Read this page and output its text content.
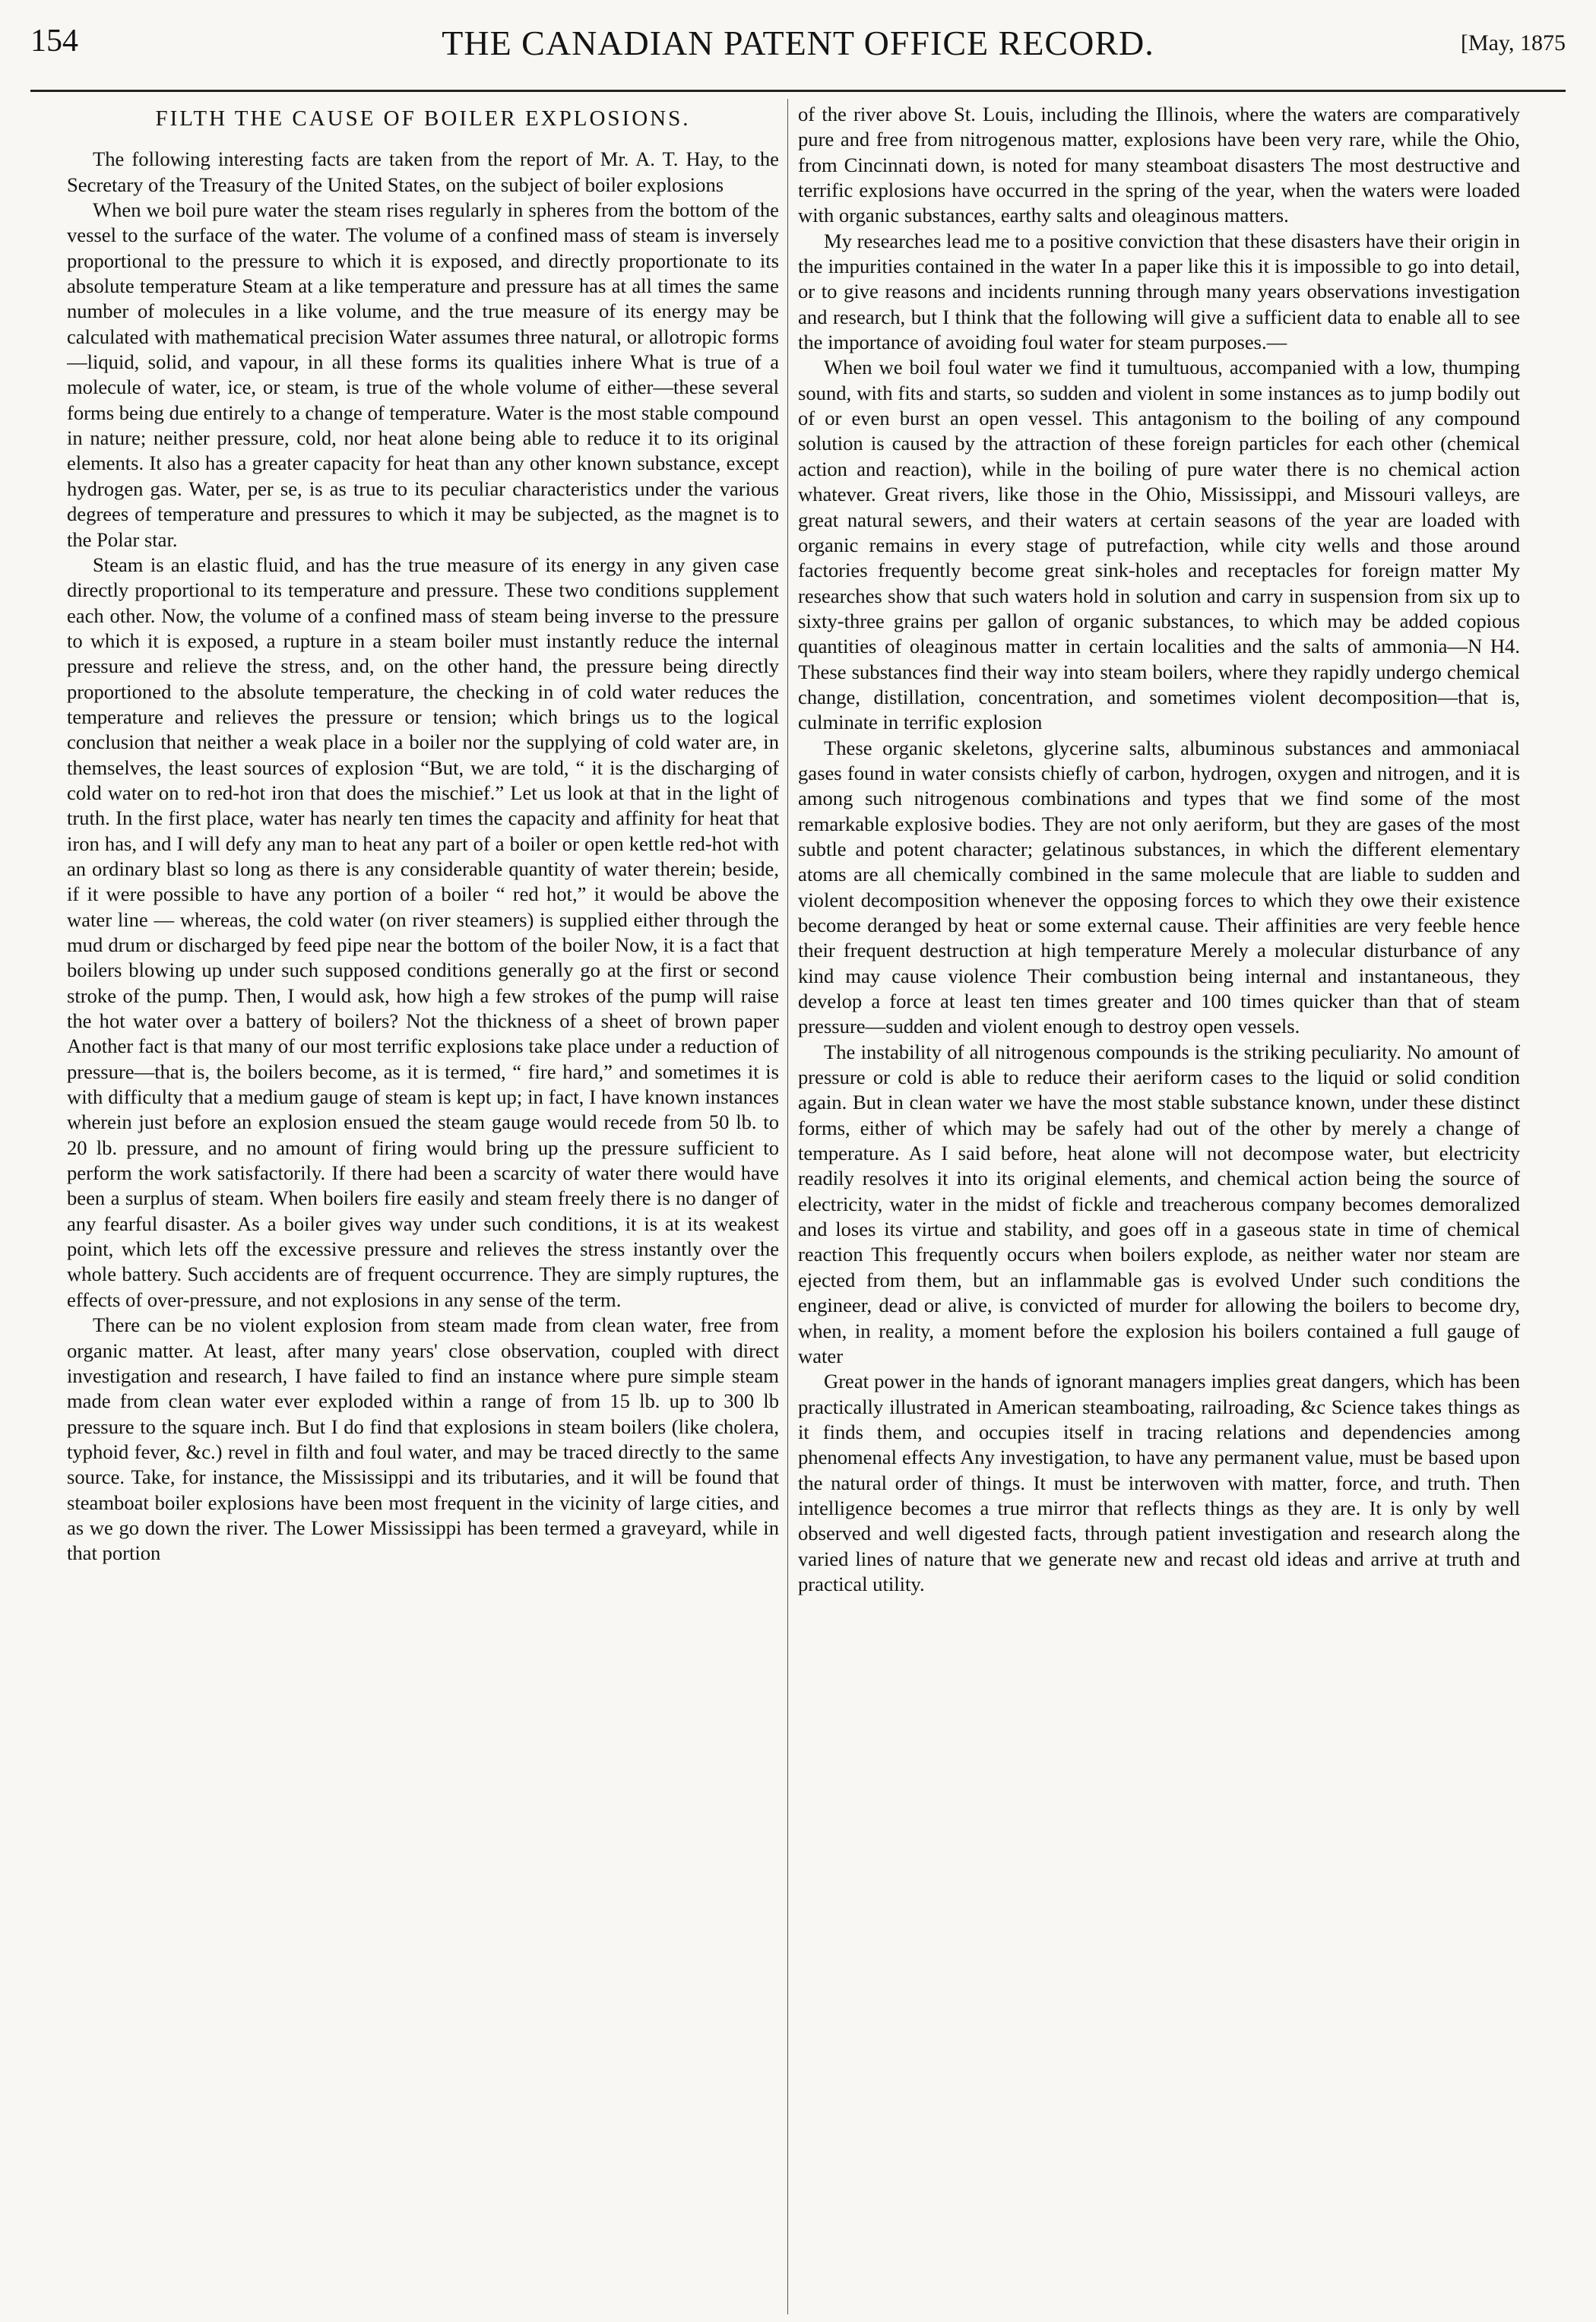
154	THE CANADIAN PATENT OFFICE RECORD.	[May, 1875
FILTH THE CAUSE OF BOILER EXPLOSIONS.

The following interesting facts are taken from the report of Mr. A. T. Hay, to the Secretary of the Treasury of the United States, on the subject of boiler explosions

When we boil pure water the steam rises regularly in spheres from the bottom of the vessel to the surface of the water. The volume of a confined mass of steam is inversely proportional to the pressure to which it is exposed, and directly proportionate to its absolute temperature Steam at a like temperature and pressure has at all times the same number of molecules in a like volume, and the true measure of its energy may be calculated with mathematical precision Water assumes three natural, or allotropic forms—liquid, solid, and vapour, in all these forms its qualities inhere What is true of a molecule of water, ice, or steam, is true of the whole volume of either—these several forms being due entirely to a change of temperature. Water is the most stable compound in nature; neither pressure, cold, nor heat alone being able to reduce it to its original elements. It also has a greater capacity for heat than any other known substance, except hydrogen gas. Water, per se, is as true to its peculiar characteristics under the various degrees of temperature and pressures to which it may be subjected, as the magnet is to the Polar star.

Steam is an elastic fluid, and has the true measure of its energy in any given case directly proportional to its temperature and pressure. These two conditions supplement each other. Now, the volume of a confined mass of steam being inverse to the pressure to which it is exposed, a rupture in a steam boiler must instantly reduce the internal pressure and relieve the stress, and, on the other hand, the pressure being directly proportioned to the absolute temperature, the checking in of cold water reduces the temperature and relieves the pressure or tension; which brings us to the logical conclusion that neither a weak place in a boiler nor the supplying of cold water are, in themselves, the least sources of explosion “But, we are told, “ it is the discharging of cold water on to red-hot iron that does the mischief.” Let us look at that in the light of truth. In the first place, water has nearly ten times the capacity and affinity for heat that iron has, and I will defy any man to heat any part of a boiler or open kettle red-hot with an ordinary blast so long as there is any considerable quantity of water therein; beside, if it were possible to have any portion of a boiler “ red hot,” it would be above the water line — whereas, the cold water (on river steamers) is supplied either through the mud drum or discharged by feed pipe near the bottom of the boiler Now, it is a fact that boilers blowing up under such supposed conditions generally go at the first or second stroke of the pump. Then, I would ask, how high a few strokes of the pump will raise the hot water over a battery of boilers? Not the thickness of a sheet of brown paper Another fact is that many of our most terrific explosions take place under a reduction of pressure—that is, the boilers become, as it is termed, “ fire hard,” and sometimes it is with difficulty that a medium gauge of steam is kept up; in fact, I have known instances wherein just before an explosion ensued the steam gauge would recede from 50 lb. to 20 lb. pressure, and no amount of firing would bring up the pressure sufficient to perform the work satisfactorily. If there had been a scarcity of water there would have been a surplus of steam. When boilers fire easily and steam freely there is no danger of any fearful disaster. As a boiler gives way under such conditions, it is at its weakest point, which lets off the excessive pressure and relieves the stress instantly over the whole battery. Such accidents are of frequent occurrence. They are simply ruptures, the effects of over-pressure, and not explosions in any sense of the term.

There can be no violent explosion from steam made from clean water, free from organic matter. At least, after many years' close observation, coupled with direct investigation and research, I have failed to find an instance where pure simple steam made from clean water ever exploded within a range of from 15 lb. up to 300 lb pressure to the square inch. But I do find that explosions in steam boilers (like cholera, typhoid fever, &c.) revel in filth and foul water, and may be traced directly to the same source. Take, for instance, the Mississippi and its tributaries, and it will be found that steamboat boiler explosions have been most frequent in the vicinity of large cities, and as we go down the river. The Lower Mississippi has been termed a graveyard, while in that portion

of the river above St. Louis, including the Illinois, where the waters are comparatively pure and free from nitrogenous matter, explosions have been very rare, while the Ohio, from Cincinnati down, is noted for many steamboat disasters The most destructive and terrific explosions have occurred in the spring of the year, when the waters were loaded with organic substances, earthy salts and oleaginous matters.

My researches lead me to a positive conviction that these disasters have their origin in the impurities contained in the water In a paper like this it is impossible to go into detail, or to give reasons and incidents running through many years observations investigation and research, but I think that the following will give a sufficient data to enable all to see the importance of avoiding foul water for steam purposes.—

When we boil foul water we find it tumultuous, accompanied with a low, thumping sound, with fits and starts, so sudden and violent in some instances as to jump bodily out of or even burst an open vessel. This antagonism to the boiling of any compound solution is caused by the attraction of these foreign particles for each other (chemical action and reaction), while in the boiling of pure water there is no chemical action whatever. Great rivers, like those in the Ohio, Mississippi, and Missouri valleys, are great natural sewers, and their waters at certain seasons of the year are loaded with organic remains in every stage of putrefaction, while city wells and those around factories frequently become great sink-holes and receptacles for foreign matter My researches show that such waters hold in solution and carry in suspension from six up to sixty-three grains per gallon of organic substances, to which may be added copious quantities of oleaginous matter in certain localities and the salts of ammonia—N H4. These substances find their way into steam boilers, where they rapidly undergo chemical change, distillation, concentration, and sometimes violent decomposition—that is, culminate in terrific explosion

These organic skeletons, glycerine salts, albuminous substances and ammoniacal gases found in water consists chiefly of carbon, hydrogen, oxygen and nitrogen, and it is among such nitrogenous combinations and types that we find some of the most remarkable explosive bodies. They are not only aeriform, but they are gases of the most subtle and potent character; gelatinous substances, in which the different elementary atoms are all chemically combined in the same molecule that are liable to sudden and violent decomposition whenever the opposing forces to which they owe their existence become deranged by heat or some external cause. Their affinities are very feeble hence their frequent destruction at high temperature Merely a molecular disturbance of any kind may cause violence Their combustion being internal and instantaneous, they develop a force at least ten times greater and 100 times quicker than that of steam pressure—sudden and violent enough to destroy open vessels.

The instability of all nitrogenous compounds is the striking peculiarity. No amount of pressure or cold is able to reduce their aeriform cases to the liquid or solid condition again. But in clean water we have the most stable substance known, under these distinct forms, either of which may be safely had out of the other by merely a change of temperature. As I said before, heat alone will not decompose water, but electricity readily resolves it into its original elements, and chemical action being the source of electricity, water in the midst of fickle and treacherous company becomes demoralized and loses its virtue and stability, and goes off in a gaseous state in time of chemical reaction This frequently occurs when boilers explode, as neither water nor steam are ejected from them, but an inflammable gas is evolved Under such conditions the engineer, dead or alive, is convicted of murder for allowing the boilers to become dry, when, in reality, a moment before the explosion his boilers contained a full gauge of water

Great power in the hands of ignorant managers implies great dangers, which has been practically illustrated in American steamboating, railroading, &c Science takes things as it finds them, and occupies itself in tracing relations and dependencies among phenomenal effects Any investigation, to have any permanent value, must be based upon the natural order of things. It must be interwoven with matter, force, and truth. Then intelligence becomes a true mirror that reflects things as they are. It is only by well observed and well digested facts, through patient investigation and research along the varied lines of nature that we generate new and recast old ideas and arrive at truth and practical utility.
